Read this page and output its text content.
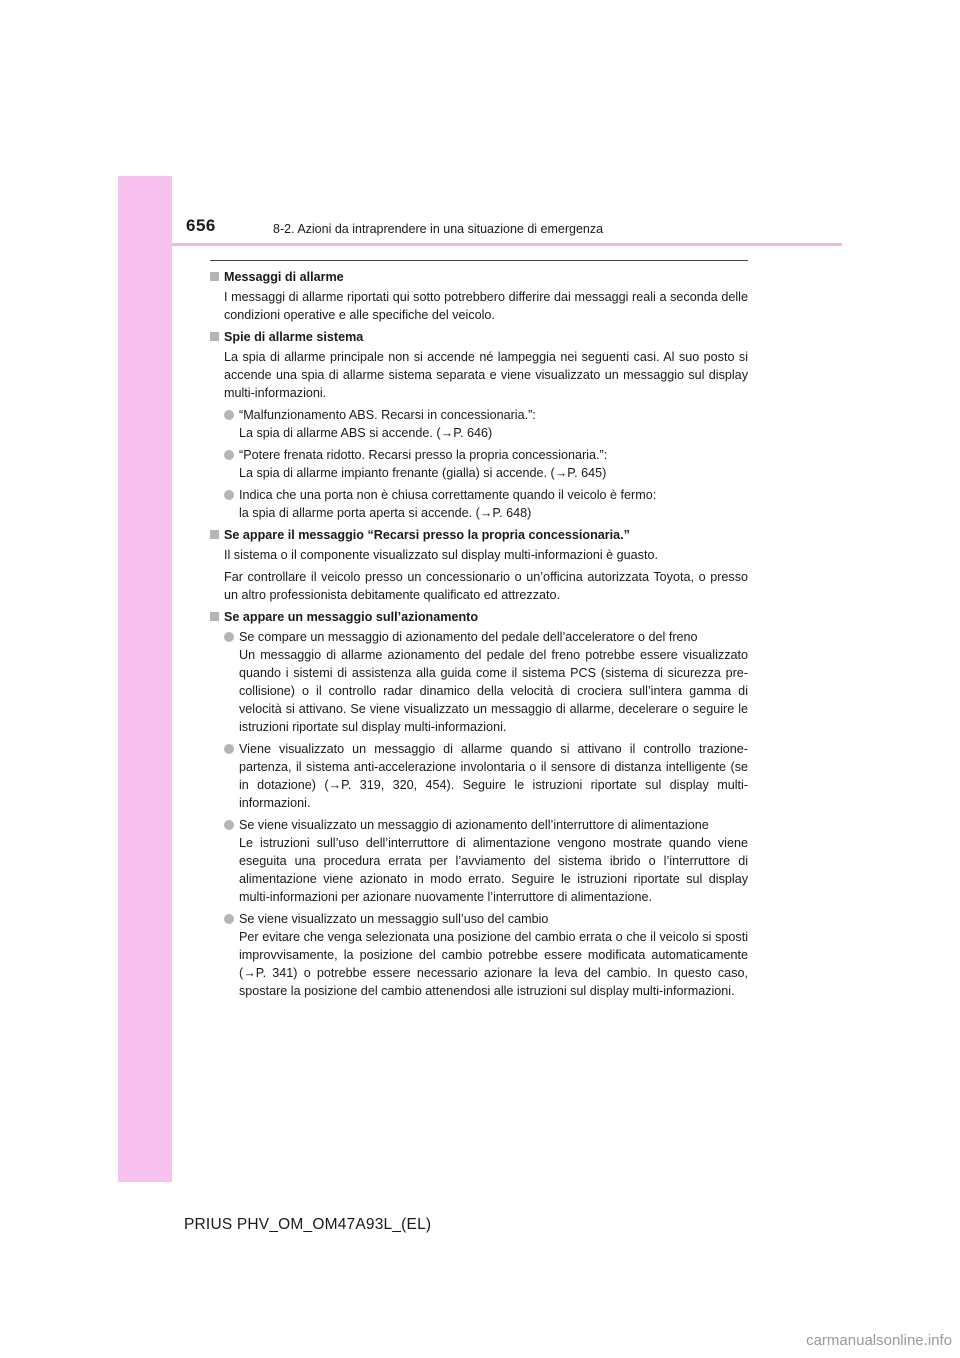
656	8-2. Azioni da intraprendere in una situazione di emergenza
Messaggi di allarme
I messaggi di allarme riportati qui sotto potrebbero differire dai messaggi reali a seconda delle condizioni operative e alle specifiche del veicolo.
Spie di allarme sistema
La spia di allarme principale non si accende né lampeggia nei seguenti casi. Al suo posto si accende una spia di allarme sistema separata e viene visualizzato un messaggio sul display multi-informazioni.
“Malfunzionamento ABS. Recarsi in concessionaria.”:
La spia di allarme ABS si accende. (→P. 646)
“Potere frenata ridotto. Recarsi presso la propria concessionaria.”:
La spia di allarme impianto frenante (gialla) si accende. (→P. 645)
Indica che una porta non è chiusa correttamente quando il veicolo è fermo:
la spia di allarme porta aperta si accende. (→P. 648)
Se appare il messaggio “Recarsi presso la propria concessionaria.”
Il sistema o il componente visualizzato sul display multi-informazioni è guasto.
Far controllare il veicolo presso un concessionario o un’officina autorizzata Toyota, o presso un altro professionista debitamente qualificato ed attrezzato.
Se appare un messaggio sull’azionamento
Se compare un messaggio di azionamento del pedale dell’acceleratore o del freno
Un messaggio di allarme azionamento del pedale del freno potrebbe essere visualizzato quando i sistemi di assistenza alla guida come il sistema PCS (sistema di sicurezza pre-collisione) o il controllo radar dinamico della velocità di crociera sull’intera gamma di velocità si attivano. Se viene visualizzato un messaggio di allarme, decelerare o seguire le istruzioni riportate sul display multi-informazioni.
Viene visualizzato un messaggio di allarme quando si attivano il controllo trazione-partenza, il sistema anti-accelerazione involontaria o il sensore di distanza intelligente (se in dotazione) (→P. 319, 320, 454). Seguire le istruzioni riportate sul display multi-informazioni.
Se viene visualizzato un messaggio di azionamento dell’interruttore di alimentazione
Le istruzioni sull’uso dell’interruttore di alimentazione vengono mostrate quando viene eseguita una procedura errata per l’avviamento del sistema ibrido o l’interruttore di alimentazione viene azionato in modo errato. Seguire le istruzioni riportate sul display multi-informazioni per azionare nuovamente l’interruttore di alimentazione.
Se viene visualizzato un messaggio sull’uso del cambio
Per evitare che venga selezionata una posizione del cambio errata o che il veicolo si sposti improvvisamente, la posizione del cambio potrebbe essere modificata automaticamente (→P. 341) o potrebbe essere necessario azionare la leva del cambio. In questo caso, spostare la posizione del cambio attenendosi alle istruzioni sul display multi-informazioni.
PRIUS PHV_OM_OM47A93L_(EL)
carmanualsonline.info
